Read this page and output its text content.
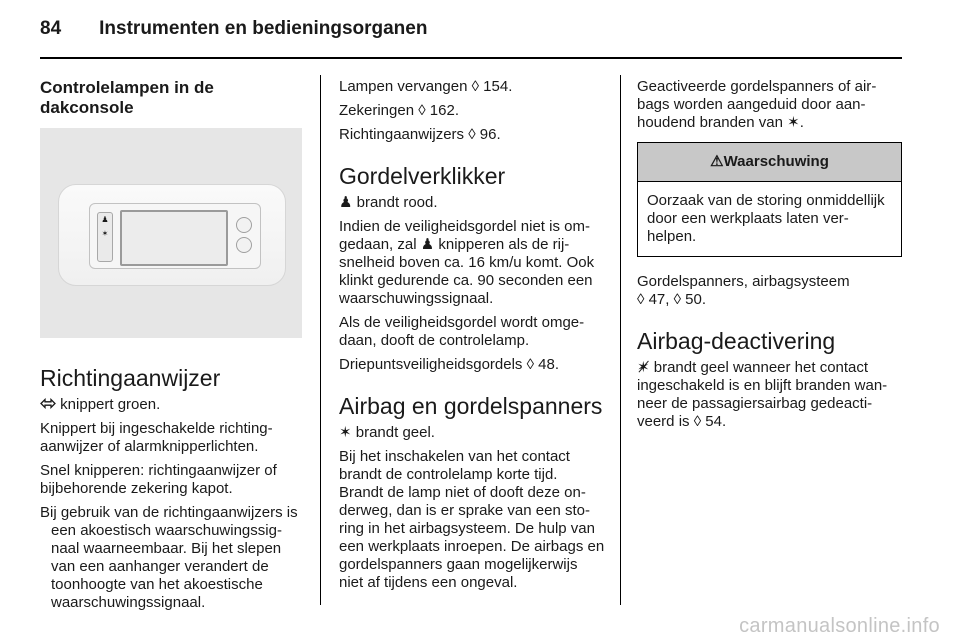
84 Instrumenten en bedieningsorganen
Controlelampen in de dakconsole
♟
✶
Richtingaanwijzer

knippert groen.

Knippert bij ingeschakelde richtingaanwijzer of alarmknipperlichten.

Snel knipperen: richtingaanwijzer of bijbehorende zekering kapot.

Bij gebruik van de richtingaanwijzers is een akoestisch waarschuwingssignaal waarneembaar. Bij het slepen van een aanhanger verandert de toonhoogte van het akoestische waarschuwingssignaal.

Lampen vervangen ◊ 154.

Zekeringen ◊ 162.

Richtingaanwijzers ◊ 96.

Gordelverklikker

♟ brandt rood.

Indien de veiligheidsgordel niet is omgedaan, zal ♟ knipperen als de rijsnelheid boven ca. 16 km/u komt. Ook klinkt gedurende ca. 90 seconden een waarschuwingssignaal.

Als de veiligheidsgordel wordt omgedaan, dooft de controlelamp.

Driepuntsveiligheidsgordels ◊ 48.

Airbag en gordelspanners

✶ brandt geel.

Bij het inschakelen van het contact brandt de controlelamp korte tijd. Brandt de lamp niet of dooft deze onderweg, dan is er sprake van een storing in het airbagsysteem. De hulp van een werkplaats inroepen. De airbags en gordelspanners gaan mogelijkerwijs niet af tijdens een ongeval.

Geactiveerde gordelspanners of airbags worden aangeduid door aanhoudend branden van ✶.

⚠Waarschuwing
Oorzaak van de storing onmiddellijk door een werkplaats laten verhelpen.

Gordelspanners, airbagsysteem
◊ 47, ◊ 50.

Airbag-deactivering

✶̸ brandt geel wanneer het contact ingeschakeld is en blijft branden wanneer de passagiersairbag gedeactiveerd is ◊ 54.

carmanualsonline.info
